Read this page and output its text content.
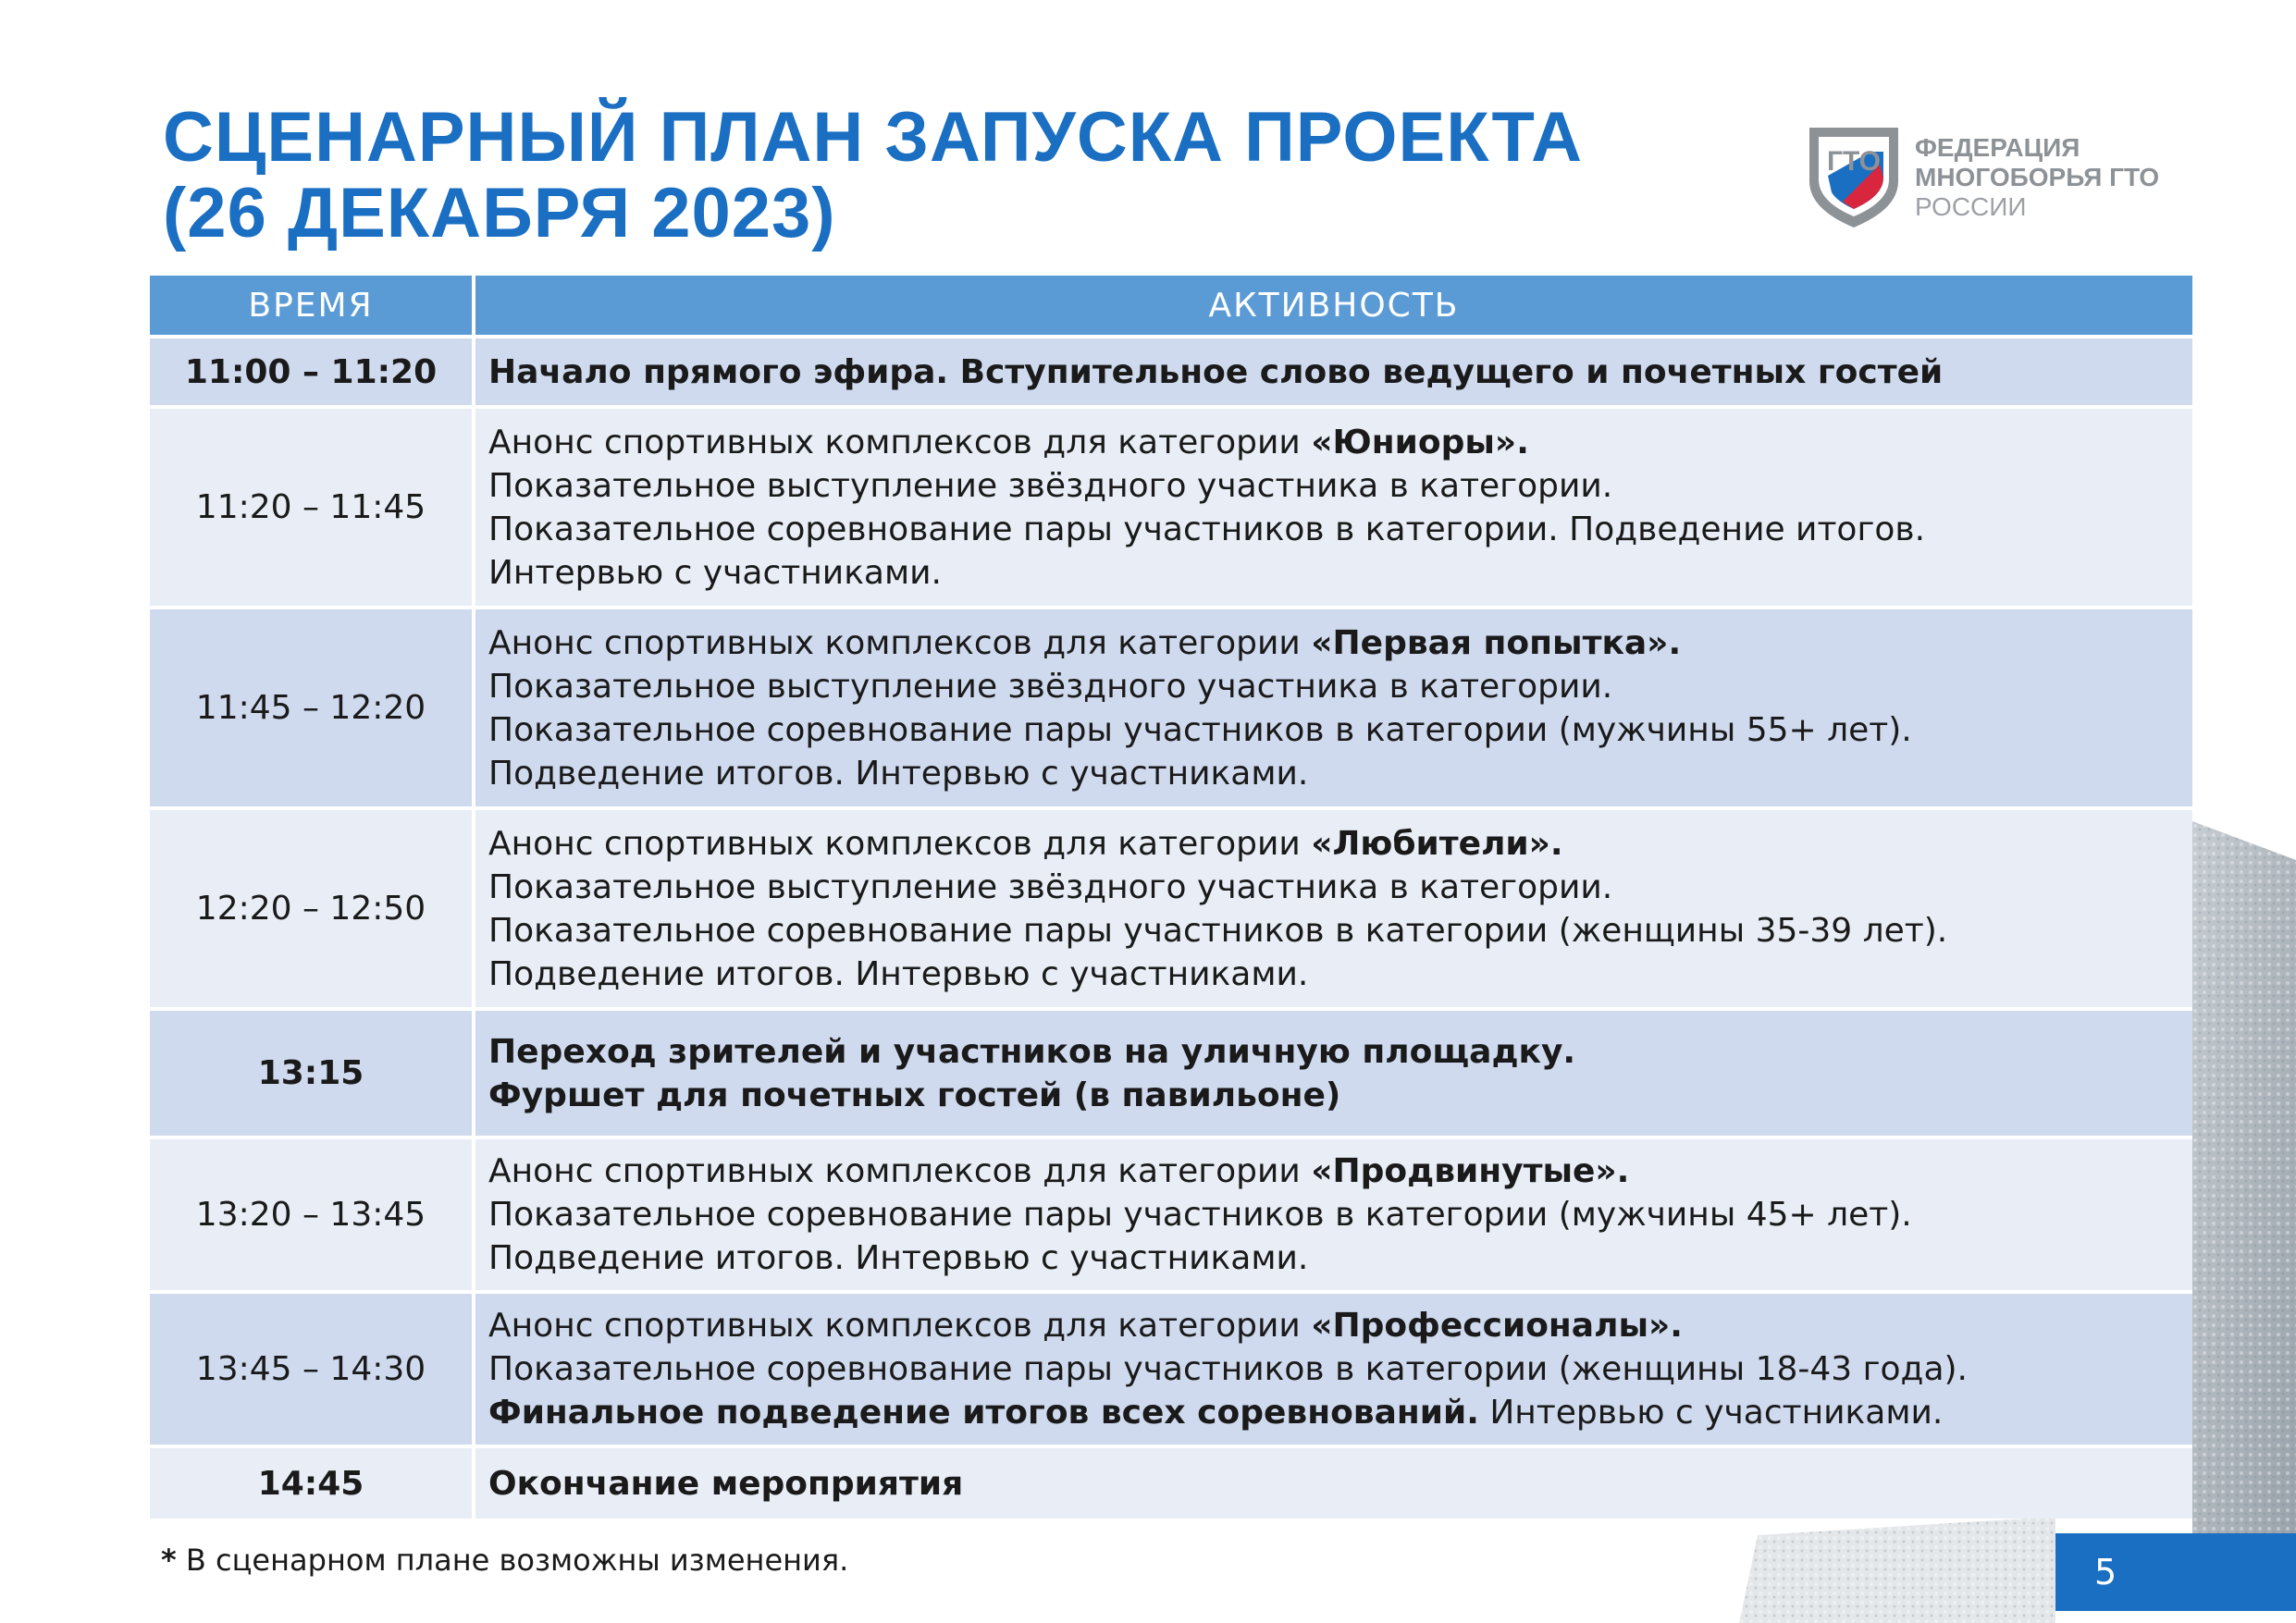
СЦЕНАРНЫЙ ПЛАН ЗАПУСКА ПРОЕКТА
(26 ДЕКАБРЯ 2023)
ГТО ФЕДЕРАЦИЯ
МНОГОБОРЬЯ ГТО
РОССИИ
ВРЕМЯ	АКТИВНОСТЬ
11:00 – 11:20	Начало прямого эфира. Вступительное слово ведущего и почетных гостей

11:20 – 11:45	Анонс спортивных комплексов для категории «Юниоры».
Показательное выступление звёздного участника в категории.
Показательное соревнование пары участников в категории. Подведение итогов.
Интервью с участниками.

11:45 – 12:20	Анонс спортивных комплексов для категории «Первая попытка».
Показательное выступление звёздного участника в категории.
Показательное соревнование пары участников в категории (мужчины 55+ лет).
Подведение итогов. Интервью с участниками.

12:20 – 12:50	Анонс спортивных комплексов для категории «Любители».
Показательное выступление звёздного участника в категории.
Показательное соревнование пары участников в категории (женщины 35-39 лет).
Подведение итогов. Интервью с участниками.

13:15	Переход зрителей и участников на уличную площадку.
Фуршет для почетных гостей (в павильоне)

13:20 – 13:45	Анонс спортивных комплексов для категории «Продвинутые».
Показательное соревнование пары участников в категории (мужчины 45+ лет).
Подведение итогов. Интервью с участниками.

13:45 – 14:30	Анонс спортивных комплексов для категории «Профессионалы».
Показательное соревнование пары участников в категории (женщины 18-43 года).
Финальное подведение итогов всех соревнований. Интервью с участниками.

14:45	Окончание мероприятия
* В сценарном плане возможны изменения.	5
